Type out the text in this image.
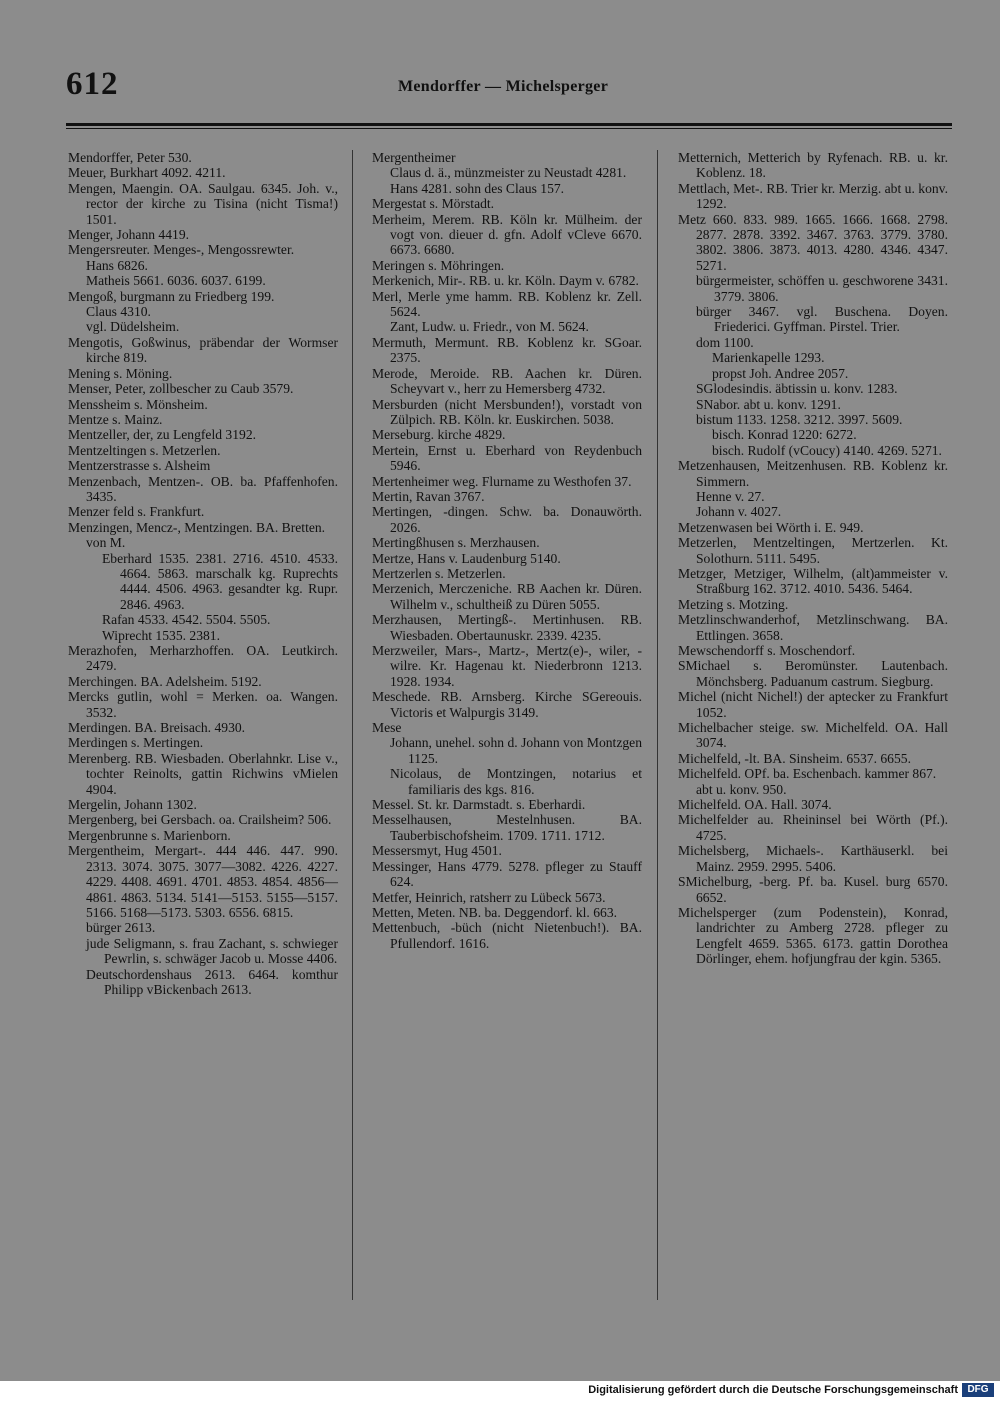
612	Mendorffer — Michelsperger

Mendorffer, Peter 530.

Meuer, Burkhart 4092. 4211.

Mengen, Maengin. OA. Saulgau. 6345. Joh. v., rector der kirche zu Tisina (nicht Tisma!) 1501.

Menger, Johann 4419.

Mengersreuter. Menges-, Mengossrewter.

Hans 6826.

Matheis 5661. 6036. 6037. 6199.

Mengoß, burgmann zu Friedberg 199.

Claus 4310.

vgl. Düdelsheim.

Mengotis, Goßwinus, präbendar der Wormser kirche 819.

Mening s. Möning.

Menser, Peter, zollbescher zu Caub 3579.

Menssheim s. Mönsheim.

Mentze s. Mainz.

Mentzeller, der, zu Lengfeld 3192.

Mentzeltingen s. Metzerlen.

Mentzerstrasse s. Alsheim

Menzenbach, Mentzen-. OB. ba. Pfaffenhofen. 3435.

Menzer feld s. Frankfurt.

Menzingen, Mencz-, Mentzingen. BA. Bretten.

von M.

Eberhard 1535. 2381. 2716. 4510. 4533. 4664. 5863. marschalk kg. Ruprechts 4444. 4506. 4963. gesandter kg. Rupr. 2846. 4963.

Rafan 4533. 4542. 5504. 5505.

Wiprecht 1535. 2381.

Merazhofen, Merharzhoffen. OA. Leutkirch. 2479.

Merchingen. BA. Adelsheim. 5192.

Mercks gutlin, wohl = Merken. oa. Wangen. 3532.

Merdingen. BA. Breisach. 4930.

Merdingen s. Mertingen.

Merenberg. RB. Wiesbaden. Oberlahnkr. Lise v., tochter Reinolts, gattin Richwins vMielen 4904.

Mergelin, Johann 1302.

Mergenberg, bei Gersbach. oa. Crailsheim? 506.

Mergenbrunne s. Marienborn.

Mergentheim, Mergart-. 444 446. 447. 990. 2313. 3074. 3075. 3077—3082. 4226. 4227. 4229. 4408. 4691. 4701. 4853. 4854. 4856—4861. 4863. 5134. 5141—5153. 5155—5157. 5166. 5168—5173. 5303. 6556. 6815.

bürger 2613.

jude Seligmann, s. frau Zachant, s. schwieger Pewrlin, s. schwäger Jacob u. Mosse 4406.

Deutschordenshaus 2613. 6464. komthur Philipp vBickenbach 2613.

Mergentheimer

Claus d. ä., münzmeister zu Neustadt 4281.

Hans 4281. sohn des Claus 157.

Mergestat s. Mörstadt.

Merheim, Merem. RB. Köln kr. Mülheim. der vogt von. dieuer d. gfn. Adolf vCleve 6670. 6673. 6680.

Meringen s. Möhringen.

Merkenich, Mir-. RB. u. kr. Köln. Daym v. 6782.

Merl, Merle yme hamm. RB. Koblenz kr. Zell. 5624.

Zant, Ludw. u. Friedr., von M. 5624.

Mermuth, Mermunt. RB. Koblenz kr. SGoar. 2375.

Merode, Meroide. RB. Aachen kr. Düren. Scheyvart v., herr zu Hemersberg 4732.

Mersburden (nicht Mersbunden!), vorstadt von Zülpich. RB. Köln. kr. Euskirchen. 5038.

Merseburg. kirche 4829.

Mertein, Ernst u. Eberhard von Reydenbuch 5946.

Mertenheimer weg. Flurname zu Westhofen 37.

Mertin, Ravan 3767.

Mertingen, -dingen. Schw. ba. Donauwörth. 2026.

Mertingßhusen s. Merzhausen.

Mertze, Hans v. Laudenburg 5140.

Mertzerlen s. Metzerlen.

Merzenich, Merczeniche. RB Aachen kr. Düren. Wilhelm v., schultheiß zu Düren 5055.

Merzhausen, Mertingß-. Mertinhusen. RB. Wiesbaden. Obertaunuskr. 2339. 4235.

Merzweiler, Mars-, Martz-, Mertz(e)-, wiler, -wilre. Kr. Hagenau kt. Niederbronn 1213. 1928. 1934.

Meschede. RB. Arnsberg. Kirche SGereouis. Victoris et Walpurgis 3149.

Mese

Johann, unehel. sohn d. Johann von Montzgen 1125.

Nicolaus, de Montzingen, notarius et familiaris des kgs. 816.

Messel. St. kr. Darmstadt. s. Eberhardi.

Messelhausen, Mestelnhusen. BA. Tauberbischofsheim. 1709. 1711. 1712.

Messersmyt, Hug 4501.

Messinger, Hans 4779. 5278. pfleger zu Stauff 624.

Metfer, Heinrich, ratsherr zu Lübeck 5673.

Metten, Meten. NB. ba. Deggendorf. kl. 663.

Mettenbuch, -büch (nicht Nietenbuch!). BA. Pfullendorf. 1616.

Metternich, Metterich by Ryfenach. RB. u. kr. Koblenz. 18.

Mettlach, Met-. RB. Trier kr. Merzig. abt u. konv. 1292.

Metz 660. 833. 989. 1665. 1666. 1668. 2798. 2877. 2878. 3392. 3467. 3763. 3779. 3780. 3802. 3806. 3873. 4013. 4280. 4346. 4347. 5271.

bürgermeister, schöffen u. geschworene 3431. 3779. 3806.

bürger 3467. vgl. Buschena. Doyen. Friederici. Gyffman. Pirstel. Trier.

dom 1100.

Marienkapelle 1293.

propst Joh. Andree 2057.

SGlodesindis. äbtissin u. konv. 1283.

SNabor. abt u. konv. 1291.

bistum 1133. 1258. 3212. 3997. 5609.

bisch. Konrad 1220: 6272.

bisch. Rudolf (vCoucy) 4140. 4269. 5271.

Metzenhausen, Meitzenhusen. RB. Koblenz kr. Simmern.

Henne v. 27.

Johann v. 4027.

Metzenwasen bei Wörth i. E. 949.

Metzerlen, Mentzeltingen, Mertzerlen. Kt. Solothurn. 5111. 5495.

Metzger, Metziger, Wilhelm, (alt)ammeister v. Straßburg 162. 3712. 4010. 5436. 5464.

Metzing s. Motzing.

Metzlinschwanderhof, Metzlinschwang. BA. Ettlingen. 3658.

Mewschendorff s. Moschendorf.

SMichael s. Beromünster. Lautenbach. Mönchsberg. Paduanum castrum. Siegburg.

Michel (nicht Nichel!) der aptecker zu Frankfurt 1052.

Michelbacher steige. sw. Michelfeld. OA. Hall 3074.

Michelfeld, -lt. BA. Sinsheim. 6537. 6655.

Michelfeld. OPf. ba. Eschenbach. kammer 867.

abt u. konv. 950.

Michelfeld. OA. Hall. 3074.

Michelfelder au. Rheininsel bei Wörth (Pf.). 4725.

Michelsberg, Michaels-. Karthäuserkl. bei Mainz. 2959. 2995. 5406.

SMichelburg, -berg. Pf. ba. Kusel. burg 6570. 6652.

Michelsperger (zum Podenstein), Konrad, landrichter zu Amberg 2728. pfleger zu Lengfelt 4659. 5365. 6173. gattin Dorothea Dörlinger, ehem. hofjungfrau der kgin. 5365.

Digitalisierung gefördert durch die Deutsche Forschungsgemeinschaft DFG
